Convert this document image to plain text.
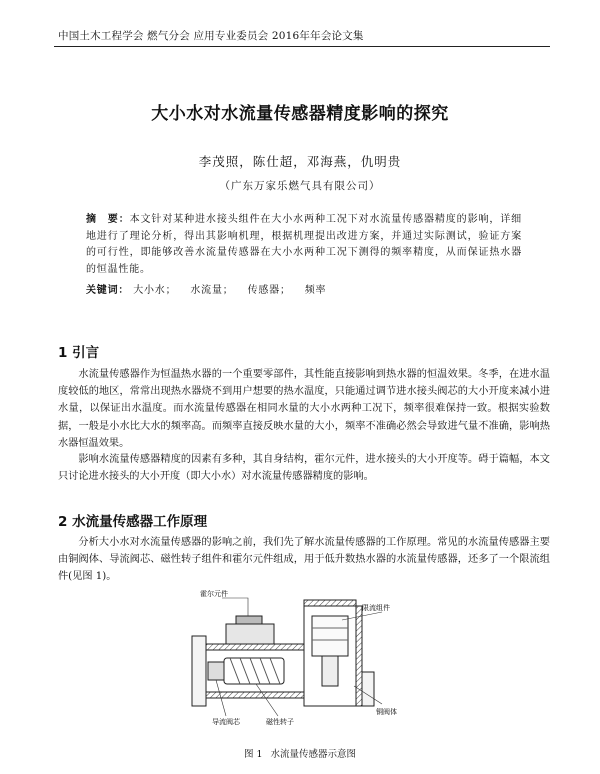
中国土木工程学会 燃气分会 应用专业委员会 2016年年会论文集
大小水对水流量传感器精度影响的探究
李茂照，陈仕超，邓海燕，仇明贵
（广东万家乐燃气具有限公司）
摘　要：本文针对某种进水接头组件在大小水两种工况下对水流量传感器精度的影响，详细地进行了理论分析，得出其影响机理，根据机理提出改进方案，并通过实际测试，验证方案的可行性，即能够改善水流量传感器在大小水两种工况下测得的频率精度，从而保证热水器的恒温性能。
关键词： 大小水； 水流量； 传感器； 频率
1 引言

水流量传感器作为恒温热水器的一个重要零部件，其性能直接影响到热水器的恒温效果。冬季，在进水温度较低的地区，常常出现热水器烧不到用户想要的热水温度，只能通过调节进水接头阀芯的大小开度来减小进水量，以保证出水温度。而水流量传感器在相同水量的大小水两种工况下，频率很难保持一致。根据实验数据，一般是小水比大水的频率高。而频率直接反映水量的大小，频率不准确必然会导致进气量不准确，影响热水器恒温效果。

影响水流量传感器精度的因素有多种，其自身结构，霍尔元件，进水接头的大小开度等。碍于篇幅，本文只讨论进水接头的大小开度（即大小水）对水流量传感器精度的影响。

2 水流量传感器工作原理

分析大小水对水流量传感器的影响之前，我们先了解水流量传感器的工作原理。常见的水流量传感器主要由铜阀体、导流阀芯、磁性转子组件和霍尔元件组成，用于低升数热水器的水流量传感器，还多了一个限流组件(见图 1)。

霍尔元件
限流组件
导流阀芯	磁性转子
铜阀体
图 1 水流量传感器示意图
